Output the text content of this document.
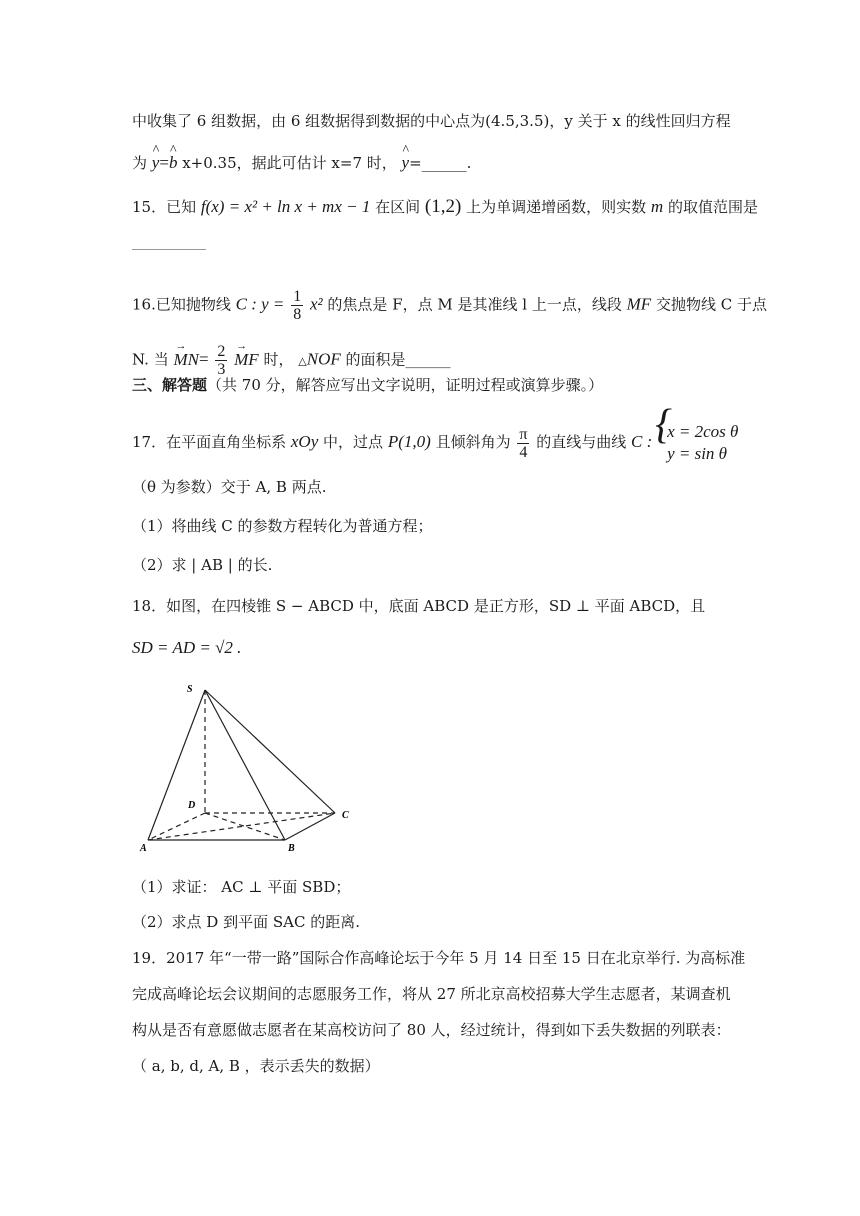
中收集了 6 组数据，由 6 组数据得到数据的中心点为(4.5,3.5)，y 关于 x 的线性回归方程
为 ^ y=^ b x+0.35，据此可估计 x=7 时， ^ y=______.
15．已知 f(x) = x² + ln x + mx − 1 在区间 (1,2) 上为单调递增函数，则实数 m 的取值范围是
16.已知抛物线 C : $y = \frac{1}{8} x^2$ 的焦点是 F，点 M 是其准线 l 上一点，线段 MF 交抛物线 C 于点
N. 当 → $MN= \frac{2}{3}$ → MF 时， △NOF 的面积是______
三、解答题（共 70 分，解答应写出文字说明，证明过程或演算步骤。）
17．在平面直角坐标系 xOy 中，过点 P(1,0) 且倾斜角为 $\frac{\pi}{4}$ 的直线与曲线 C :
{ x = 2cos θ
y = sin θ
（θ 为参数）交于 A, B 两点.
（1）将曲线 C 的参数方程转化为普通方程；
（2）求 | AB | 的长.
18．如图，在四棱锥 S − ABCD 中，底面 ABCD 是正方形，SD ⊥ 平面 ABCD，且
SD = AD = √2 .
S
D
C
A	B
（1）求证： AC ⊥ 平面 SBD；
（2）求点 D 到平面 SAC 的距离.
19．2017 年“一带一路”国际合作高峰论坛于今年 5 月 14 日至 15 日在北京举行. 为高标准
完成高峰论坛会议期间的志愿服务工作，将从 27 所北京高校招募大学生志愿者，某调查机
构从是否有意愿做志愿者在某高校访问了 80 人，经过统计，得到如下丢失数据的列联表：
（ a, b, d, A, B ，表示丢失的数据）
